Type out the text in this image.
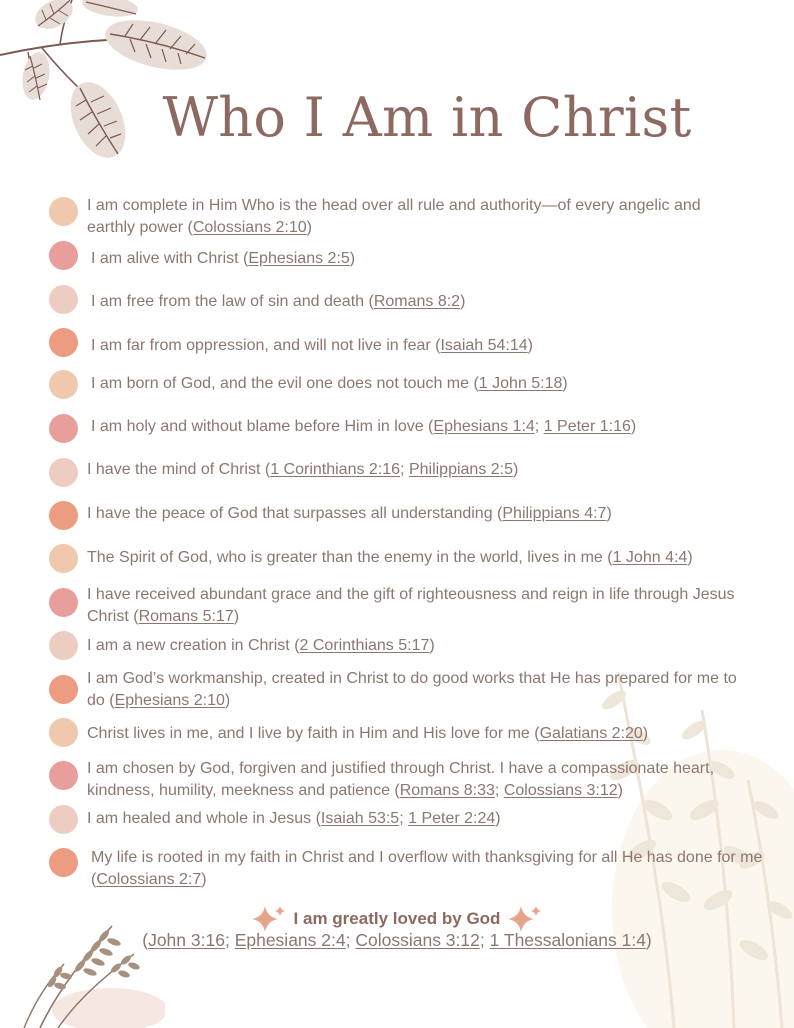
Who I Am in Christ
I am complete in Him Who is the head over all rule and authority—of every angelic and earthly power (Colossians 2:10)
I am alive with Christ (Ephesians 2:5)
I am free from the law of sin and death (Romans 8:2)
I am far from oppression, and will not live in fear (Isaiah 54:14)
I am born of God, and the evil one does not touch me (1 John 5:18)
I am holy and without blame before Him in love (Ephesians 1:4; 1 Peter 1:16)
I have the mind of Christ (1 Corinthians 2:16; Philippians 2:5)
I have the peace of God that surpasses all understanding (Philippians 4:7)
The Spirit of God, who is greater than the enemy in the world, lives in me (1 John 4:4)
I have received abundant grace and the gift of righteousness and reign in life through Jesus Christ (Romans 5:17)
I am a new creation in Christ (2 Corinthians 5:17)
I am God’s workmanship, created in Christ to do good works that He has prepared for me to do (Ephesians 2:10)
Christ lives in me, and I live by faith in Him and His love for me (Galatians 2:20)
I am chosen by God, forgiven and justified through Christ. I have a compassionate heart, kindness, humility, meekness and patience (Romans 8:33; Colossians 3:12)
I am healed and whole in Jesus (Isaiah 53:5; 1 Peter 2:24)
My life is rooted in my faith in Christ and I overflow with thanksgiving for all He has done for me (Colossians 2:7)
I am greatly loved by God
(John 3:16; Ephesians 2:4; Colossians 3:12; 1 Thessalonians 1:4)
